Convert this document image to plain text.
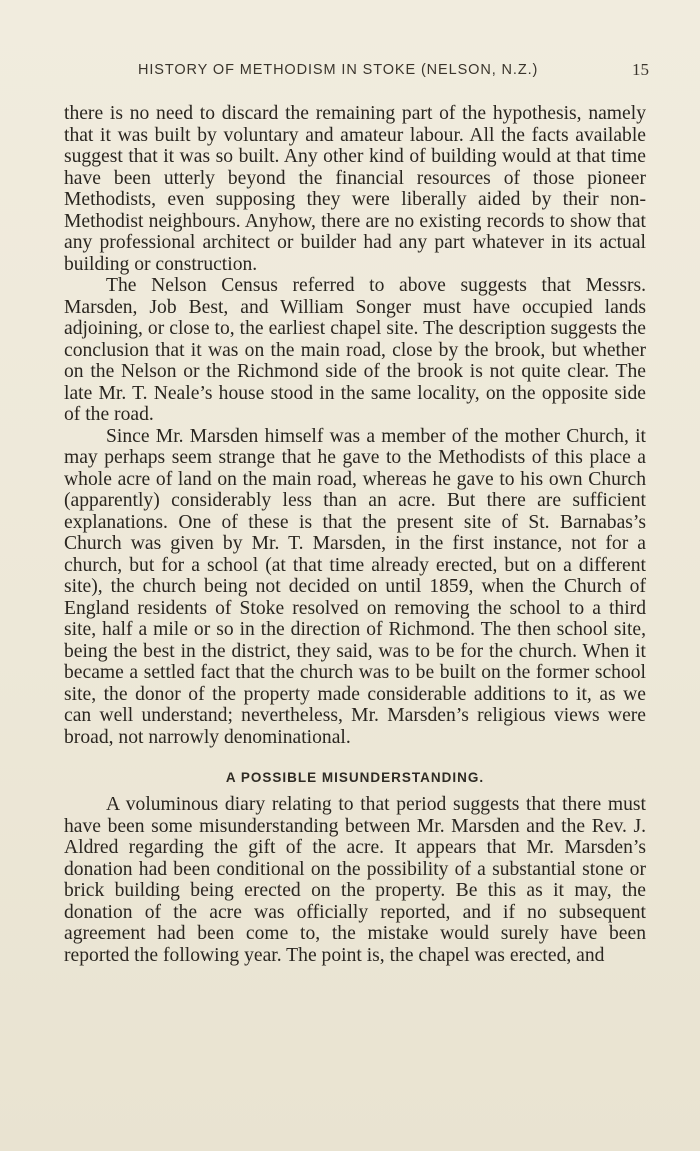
HISTORY OF METHODISM IN STOKE (NELSON, N.Z.)	15

there is no need to discard the remaining part of the hypothesis, namely that it was built by voluntary and amateur labour. All the facts available suggest that it was so built. Any other kind of building would at that time have been utterly beyond the financial resources of those pioneer Methodists, even supposing they were liberally aided by their non-Methodist neighbours. Anyhow, there are no existing records to show that any professional architect or builder had any part whatever in its actual building or construction.

The Nelson Census referred to above suggests that Messrs. Marsden, Job Best, and William Songer must have occupied lands adjoining, or close to, the earliest chapel site. The description suggests the conclusion that it was on the main road, close by the brook, but whether on the Nelson or the Richmond side of the brook is not quite clear. The late Mr. T. Neale’s house stood in the same locality, on the opposite side of the road.

Since Mr. Marsden himself was a member of the mother Church, it may perhaps seem strange that he gave to the Methodists of this place a whole acre of land on the main road, whereas he gave to his own Church (apparently) considerably less than an acre. But there are sufficient explanations. One of these is that the present site of St. Barnabas’s Church was given by Mr. T. Marsden, in the first instance, not for a church, but for a school (at that time already erected, but on a different site), the church being not decided on until 1859, when the Church of England residents of Stoke resolved on removing the school to a third site, half a mile or so in the direction of Richmond. The then school site, being the best in the district, they said, was to be for the church. When it became a settled fact that the church was to be built on the former school site, the donor of the property made considerable additions to it, as we can well understand; nevertheless, Mr. Marsden’s religious views were broad, not narrowly denominational.

A POSSIBLE MISUNDERSTANDING.

A voluminous diary relating to that period suggests that there must have been some misunderstanding between Mr. Marsden and the Rev. J. Aldred regarding the gift of the acre. It appears that Mr. Marsden’s donation had been conditional on the possibility of a substantial stone or brick building being erected on the property. Be this as it may, the donation of the acre was officially reported, and if no subsequent agreement had been come to, the mistake would surely have been reported the following year. The point is, the chapel was erected, and
